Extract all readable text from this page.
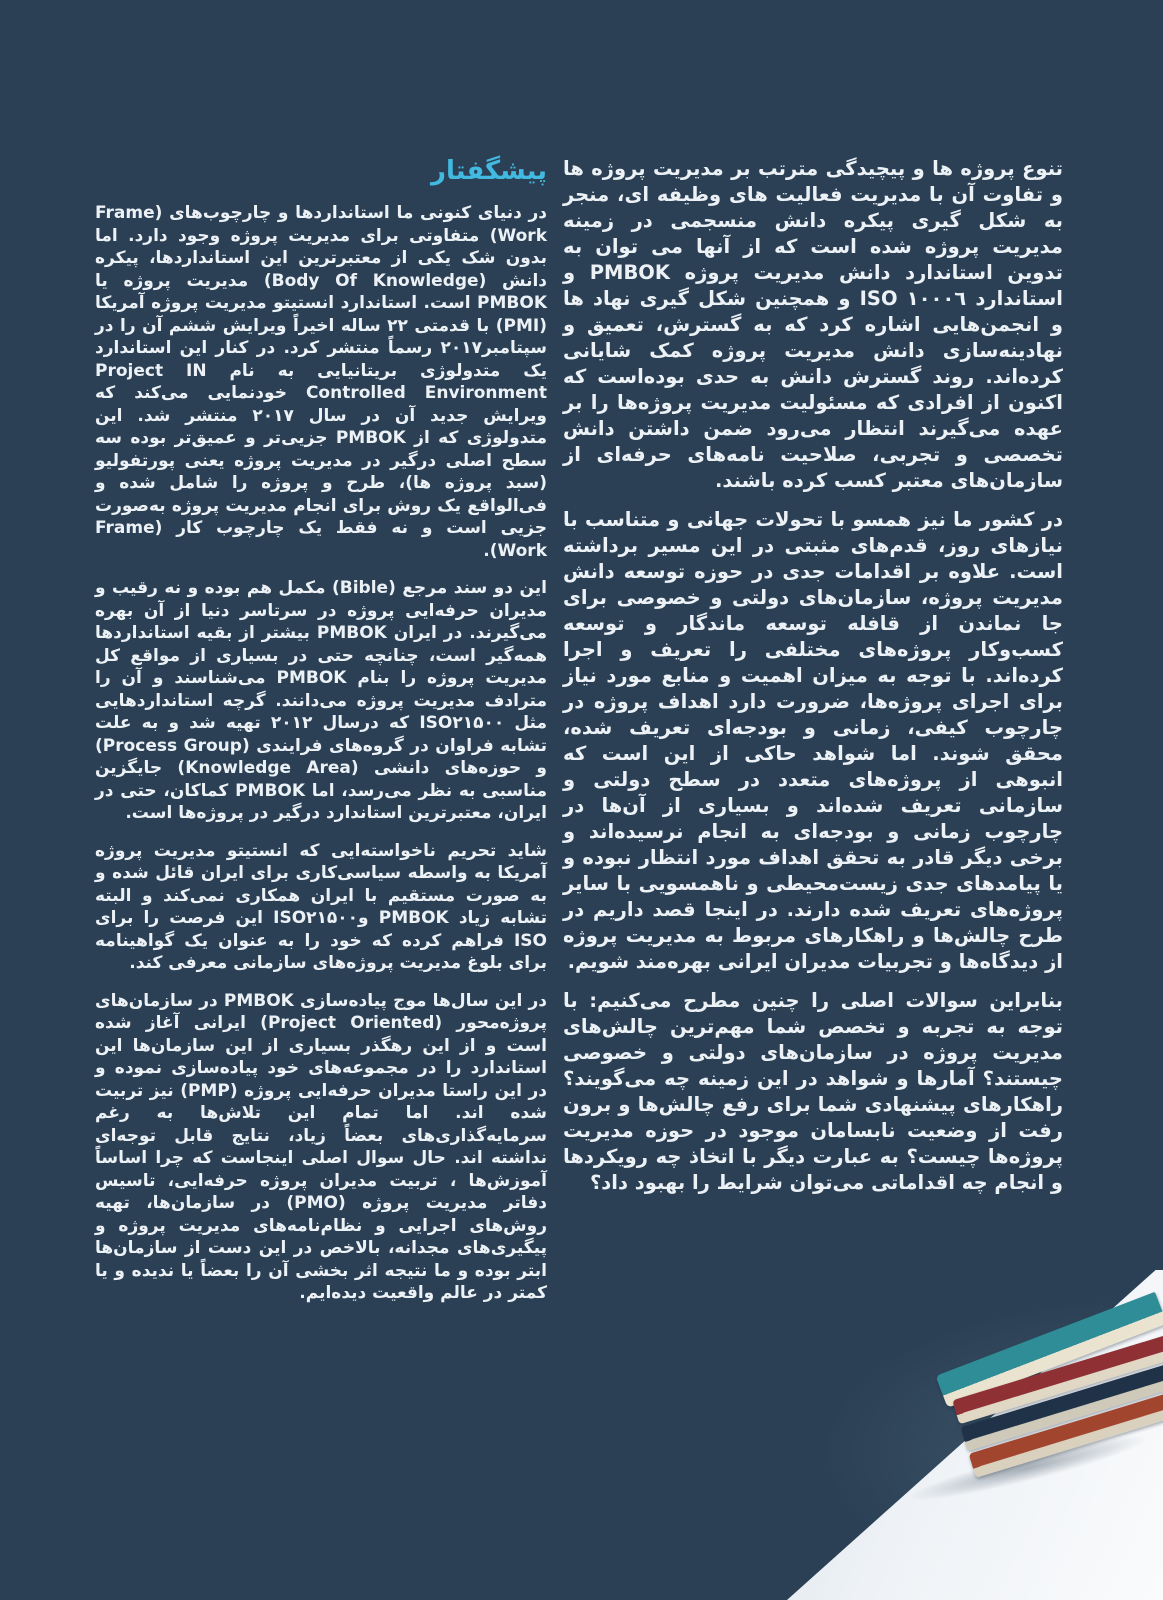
تنوع پروژه ها و پیچیدگی مترتب بر مدیریت پروژه ها و تفاوت آن با مدیریت فعالیت های وظیفه ای، منجر به شکل گیری پیکره دانش منسجمی در زمینه مدیریت پروژه شده است که از آنها می توان به تدوین استاندارد دانش مدیریت پروژه PMBOK و استاندارد ISO ۱۰۰۰٦ و همچنین شکل گیری نهاد ها و انجمن‌هایی اشاره کرد که به گسترش، تعمیق و نهادینه‌سازی دانش مدیریت پروژه کمک شایانی کرده‌اند. روند گسترش دانش به حدی بوده‌است که اکنون از افرادی که مسئولیت مدیریت پروژه‌ها را بر عهده می‌گیرند انتظار می‌رود ضمن داشتن دانش تخصصی و تجربی، صلاحیت نامه‌های حرفه‌ای از سازمان‌های معتبر کسب کرده باشند.

در کشور ما نیز همسو با تحولات جهانی و متناسب با نیازهای روز، قدم‌های مثبتی در این مسیر برداشته است. علاوه بر اقدامات جدی در حوزه توسعه دانش مدیریت پروژه، سازمان‌های دولتی و خصوصی برای جا نماندن از قافله توسعه ماندگار و توسعه کسب‌وکار پروژه‌های مختلفی را تعریف و اجرا کرده‌اند. با توجه به میزان اهمیت و منابع مورد نیاز برای اجرای پروژه‌ها، ضرورت دارد اهداف پروژه در چارچوب کیفی، زمانی و بودجه‌ای تعریف شده، محقق شوند. اما شواهد حاکی از این است که انبوهی از پروژه‌های متعدد در سطح دولتی و سازمانی تعریف شده‌اند و بسیاری از آن‌ها در چارچوب زمانی و بودجه‌ای به انجام نرسیده‌اند و برخی دیگر قادر به تحقق اهداف مورد انتظار نبوده و یا پیامدهای جدی زیست‌محیطی و ناهمسویی با سایر پروژه‌های تعریف شده دارند. در اینجا قصد داریم در طرح چالش‌ها و راهکارهای مربوط به مدیریت پروژه از دیدگاه‌ها و تجربیات مدیران ایرانی بهره‌مند شویم.

بنابراین سوالات اصلی را چنین مطرح می‌کنیم: با توجه به تجربه و تخصص شما مهم‌ترین چالش‌های مدیریت پروژه در سازمان‌های دولتی و خصوصی چیستند؟ آمارها و شواهد در این زمینه چه می‌گویند؟ راهکارهای پیشنهادی شما برای رفع چالش‌ها و برون رفت از وضعیت نابسامان موجود در حوزه مدیریت پروژه‌ها چیست؟ به عبارت دیگر با اتخاذ چه رویکردها و انجام چه اقداماتی می‌توان شرایط را بهبود داد؟

پیشگفتار

در دنیای کنونی ما استانداردها و چارچوب‌های (Frame Work) متفاوتی برای مدیریت پروژه وجود دارد. اما بدون شک یکی از معتبرترین این استانداردها، پیکره دانش (Body Of Knowledge) مدیریت پروژه یا PMBOK است. استاندارد انستیتو مدیریت پروژه آمریکا (PMI) با قدمتی ۲۲ ساله اخیراً ویرایش ششم آن را در سپتامبر۲۰۱۷ رسماً منتشر کرد. در کنار این استاندارد یک متدولوژی بریتانیایی به نام Project IN Controlled Environment خودنمایی می‌کند که ویرایش جدید آن در سال ۲۰۱۷ منتشر شد. این متدولوژی که از PMBOK جزیی‌تر و عمیق‌تر بوده سه سطح اصلی درگیر در مدیریت پروژه یعنی پورتفولیو (سبد پروژه ها)، طرح و پروژه را شامل شده و فی‌الواقع یک روش برای انجام مدیریت پروژه به‌صورت جزیی است و نه فقط یک چارچوب کار (Frame Work).

این دو سند مرجع (Bible) مکمل هم بوده و نه رقیب و مدیران حرفه‌ایی پروژه در سرتاسر دنیا از آن بهره می‌گیرند. در ایران PMBOK بیشتر از بقیه استانداردها همه‌گیر است، چنانچه حتی در بسیاری از مواقع کل مدیریت پروژه را بنام PMBOK می‌شناسند و آن را مترادف مدیریت پروژه می‌دانند. گرچه استانداردهایی مثل ISO۲۱۵۰۰ که درسال ۲۰۱۲ تهیه شد و به علت تشابه فراوان در گروه‌های فرایندی (Process Group) و حوزه‌های دانشی (Knowledge Area) جایگزین مناسبی به نظر می‌رسد، اما PMBOK کماکان، حتی در ایران، معتبرترین استاندارد درگیر در پروژه‌ها است.

شاید تحریم ناخواسته‌ایی که انستیتو مدیریت پروژه آمریکا به واسطه سیاسی‌کاری برای ایران قائل شده و به صورت مستقیم با ایران همکاری نمی‌کند و البته تشابه زیاد PMBOK وISO۲۱۵۰۰ این فرصت را برای ISO فراهم کرده که خود را به عنوان یک گواهینامه برای بلوغ مدیریت پروژه‌های سازمانی معرفی کند.

در این سال‌ها موج پیاده‌سازی PMBOK در سازمان‌های پروژه‌محور (Project Oriented) ایرانی آغاز شده است و از این رهگذر بسیاری از این سازمان‌ها این استاندارد را در مجموعه‌های خود پیاده‌سازی نموده و در این راستا مدیران حرفه‌ایی پروژه (PMP) نیز تربیت شده اند. اما تمام این تلاش‌ها به رغم سرمایه‌گذاری‌های بعضاً زیاد، نتایج قابل توجه‌ای نداشته اند. حال سوال اصلی اینجاست که چرا اساساً آموزش‌ها ، تربیت مدیران پروژه حرفه‌ایی، تاسیس دفاتر مدیریت پروژه (PMO) در سازمان‌ها، تهیه روش‌های اجرایی و نظام‌نامه‌های مدیریت پروژه و پیگیری‌های مجدانه، بالاخص در این دست از سازمان‌ها ابتر بوده و ما نتیجه اثر بخشی آن را بعضاً یا ندیده و یا کمتر در عالم واقعیت دیده‌ایم.
